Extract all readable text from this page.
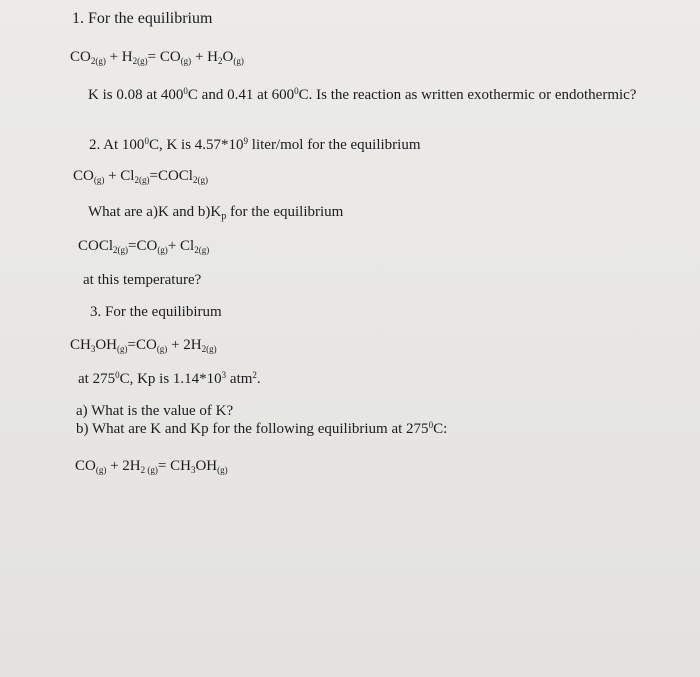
1. For the equilibrium
$CO_{2(g)} + H_{2(g)}= CO_{(g)} + H_2O_{(g)}$
K is 0.08 at $400^0C$ and 0.41 at $600^0C$. Is the reaction as written exothermic or endothermic?
2. At $100^0C$, K is $4.57*10^9$ liter/mol for the equilibrium
$CO_{(g)}$ + $Cl_{2(g)}=COCl_{2(g)}$
What are a)K and $b)K_p$ for the equilibrium
$COCl_{2(g)}=CO_{(g)}+ Cl_{2(g)}$
at this temperature?
3. For the equilibirum
$CH_3OH_{(g)}=CO_{(g)} + 2H_{2(g)}$
at $275^0C$, Kp is $1.14*10^3$ atm$^2$.
a) What is the value of K?
b) What are K and Kp for the following equilibrium at $275^0C$:
$CO_{(g)} + 2H_{2 (g)}= CH_3OH_{(g)}$
